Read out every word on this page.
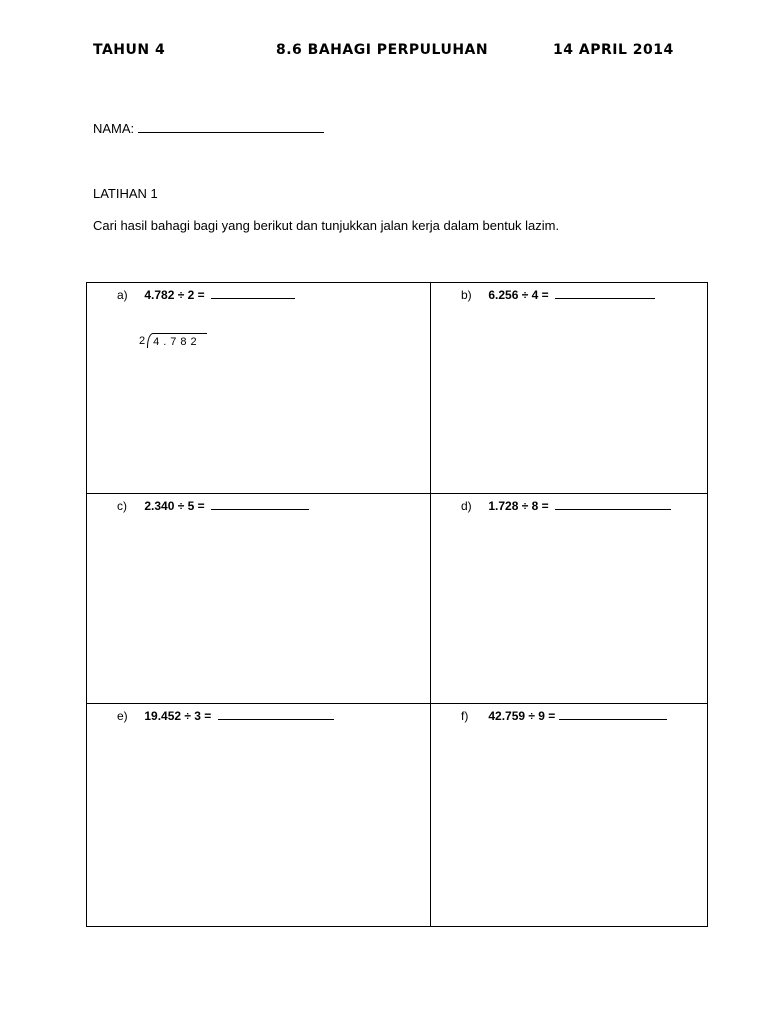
TAHUN 4	8.6 BAHAGI PERPULUHAN	14 APRIL 2014
NAMA:
LATIHAN 1
Cari hasil bahagi bagi yang berikut dan tunjukkan jalan kerja dalam bentuk lazim.
a) 4.782 ÷ 2 =
2 4.782
b) 6.256 ÷ 4 =
c) 2.340 ÷ 5 =	d) 1.728 ÷ 8 =
e) 19.452 ÷ 3 =	f) 42.759 ÷ 9 =
